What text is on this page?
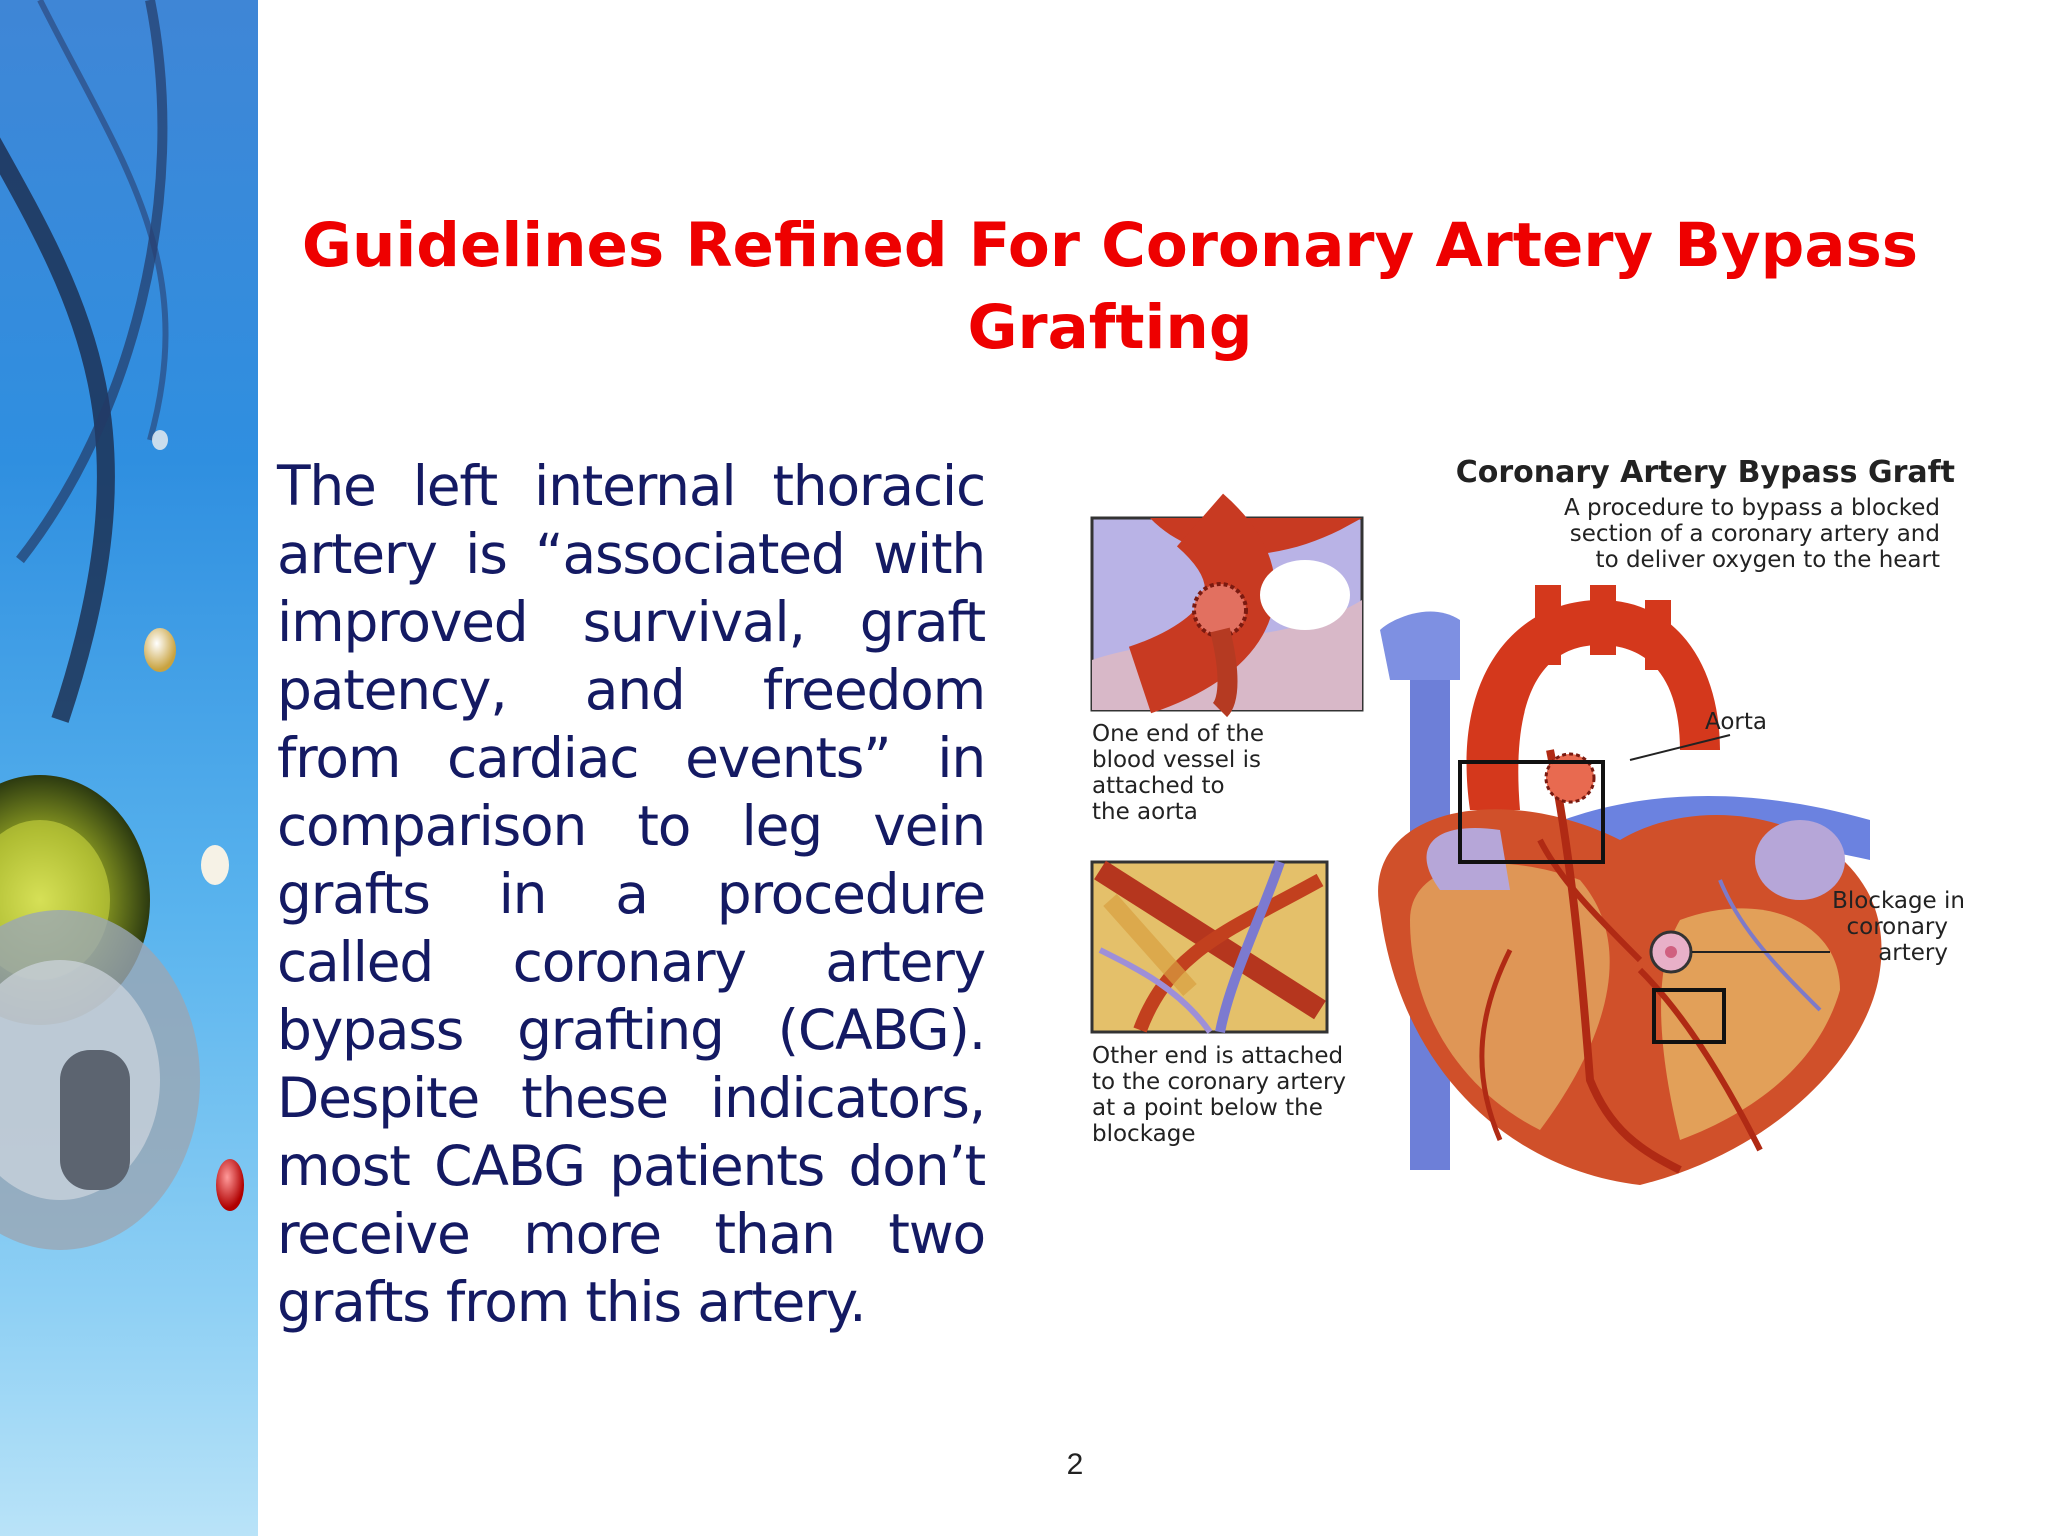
Guidelines Refined For Coronary Artery Bypass Grafting

The left internal thoracic artery is “associated with improved survival, graft patency, and freedom from cardiac events” in comparison to leg vein grafts in a procedure called coronary artery bypass grafting (CABG). Despite these indicators, most CABG patients don’t receive more than two grafts from this artery.

Coronary Artery Bypass Graft
A procedure to bypass a blocked
section of a coronary artery and
to deliver oxygen to the heart
One end of the
blood vessel is
attached to
the aorta
Other end is attached
to the coronary artery
at a point below the
blockage
Aorta
Blockage in
coronary
artery
2
